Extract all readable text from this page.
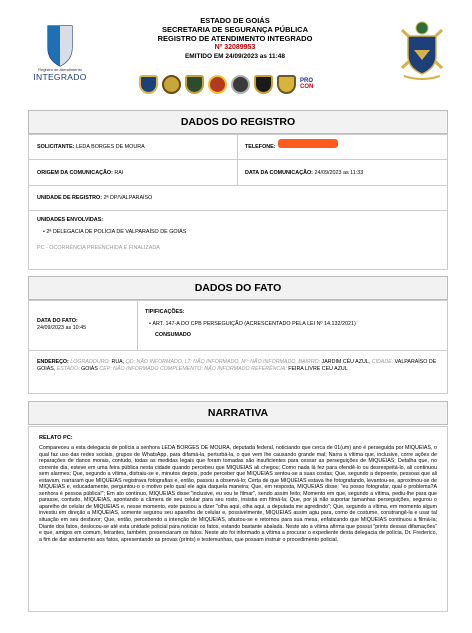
Registro de Atendimento
INTEGRADO
ESTADO DE GOIÁS
SECRETARIA DE SEGURANÇA PÚBLICA
REGISTRO DE ATENDIMENTO INTEGRADO
Nº 32089953
EMITIDO EM 24/09/2023 as 11:48
PRO
CON
DADOS DO REGISTRO
SOLICITANTE: LEDA BORGES DE MOURA	TELEFONE:
ORIGEM DA COMUNICAÇÃO: RAI	DATA DA COMUNICAÇÃO: 24/09/2023 as 11:33
UNIDADE DE REGISTRO: 2ª DP/VALPARAÍSO
UNIDADES ENVOLVIDAS:
• 2ª DELEGACIA DE POLÍCIA DE VALPARAÍSO DE GOIÁS
PC - OCORRÊNCIA PREENCHIDA E FINALIZADA
DADOS DO FATO
DATA DO FATO:
24/09/2023 as 10:45
TIPIFICAÇÕES:
• ART. 147-A DO CPB PERSEGUIÇÃO (ACRESCENTADO PELA LEI Nº 14.132/2021)
CONSUMADO
ENDEREÇO: LOGRADOURO: RUA, QD: NÃO INFORMADO, LT: NÃO INFORMADO, Nº: NÃO INFORMADO, BAIRRO: JARDIM CÉU AZUL, CIDADE: VALPARAÍSO DE GOIÁS, ESTADO: GOIÁS CEP: NÃO INFORMADO COMPLEMENTO: NÃO INFORMADO REFERÊNCIA: FEIRA LIVRE CEU AZUL
NARRATIVA
RELATO PC:

Compareceu a esta delegacia de polícia a senhora LEDA BORGES DE MOURA, deputada federal, noticiando que cerca de 01(um) ano é perseguida por MIQUEIAS, o qual faz uso das redes sociais, grupos de WhatsApp, para difamá-la, perturbá-la, o que vem lhe causando grande mal; Narra a vítima que, inclusive, corre ações de reparações de danos morais, contudo, todas as medidas legais que foram tomadas são insuficientes para cessar as perseguições de MIQUEIAS; Detalha que, no corrente dia, esteve em uma feira pública nesta cidade quando percebeu que MIQUEIAS ali chegou; Como nada lá fez para ofendê-lo ou desrespeitá-lo, ali continuou sem alarmes; Que, segundo a vítima, distraiu-se e, minutos depois, pode perceber que MIQUEIAS sentou-se a suas costas; Que, segundo a depoente, pessoas que ali estavam, narraram que MIQUEIAS registrava fotografias e, então, passou a observá-lo; Certa de que MIQUEIAS estava lhe fotografando, levantou-se, aproximou-se de MIQUEIAS e, educadamente, perguntou-o o motivo pelo qual ele agia daquela maneira; Que, em resposta, MIQUEIAS disse: "eu posso fotografar, qual o problema?A senhora é pessoa pública!"; Em ato contínuo, MIQUEIAS disse:"inclusive, eu vou te filmar", sendo assim feito; Momento em que, segundo a vítima, pediu-lhe para que parasse, contudo, MIQUEIAS, apontando a câmera de seu celular para seu rosto, insistia em filmá-la; Que, por já não suportar tamanhas perseguições, segurou o aparelho de celular de MIQUEIAS e, nesse momento, este passou a dizer "olha aqui, olha aqui, a deputada me agredindo"; Que, segundo a vítima, em momento algum investiu em direção a MIQUEIAS, somente segurou seu aparelho de celular e, possivelmente, MIQUEIAS assim agiu para, como de costume, constrangê-la e usar tal situação em seu desfavor; Que, então, percebendo a intenção de MIQUEIAS, afastou-se e retornou para sua mesa, enfatizando que MIQUEIAS continuou a filmá-la; Diante dos fatos, deslocou-se até esta unidade policial para noticiar os fatos, estando bastante abalada. Neste ato a vítima afirma que possui "prints dessas difamações" e que, amigos em comum, feirantes, também, presenciaram os fatos. Neste ato foi informado a vítima a procurar o expediente desta delegacia de polícia, Dr. Frederico, a fim de dar andamento aos fatos, apresentando as provas (prints) e testemunhas, que possam instruir o procedimento policial.
